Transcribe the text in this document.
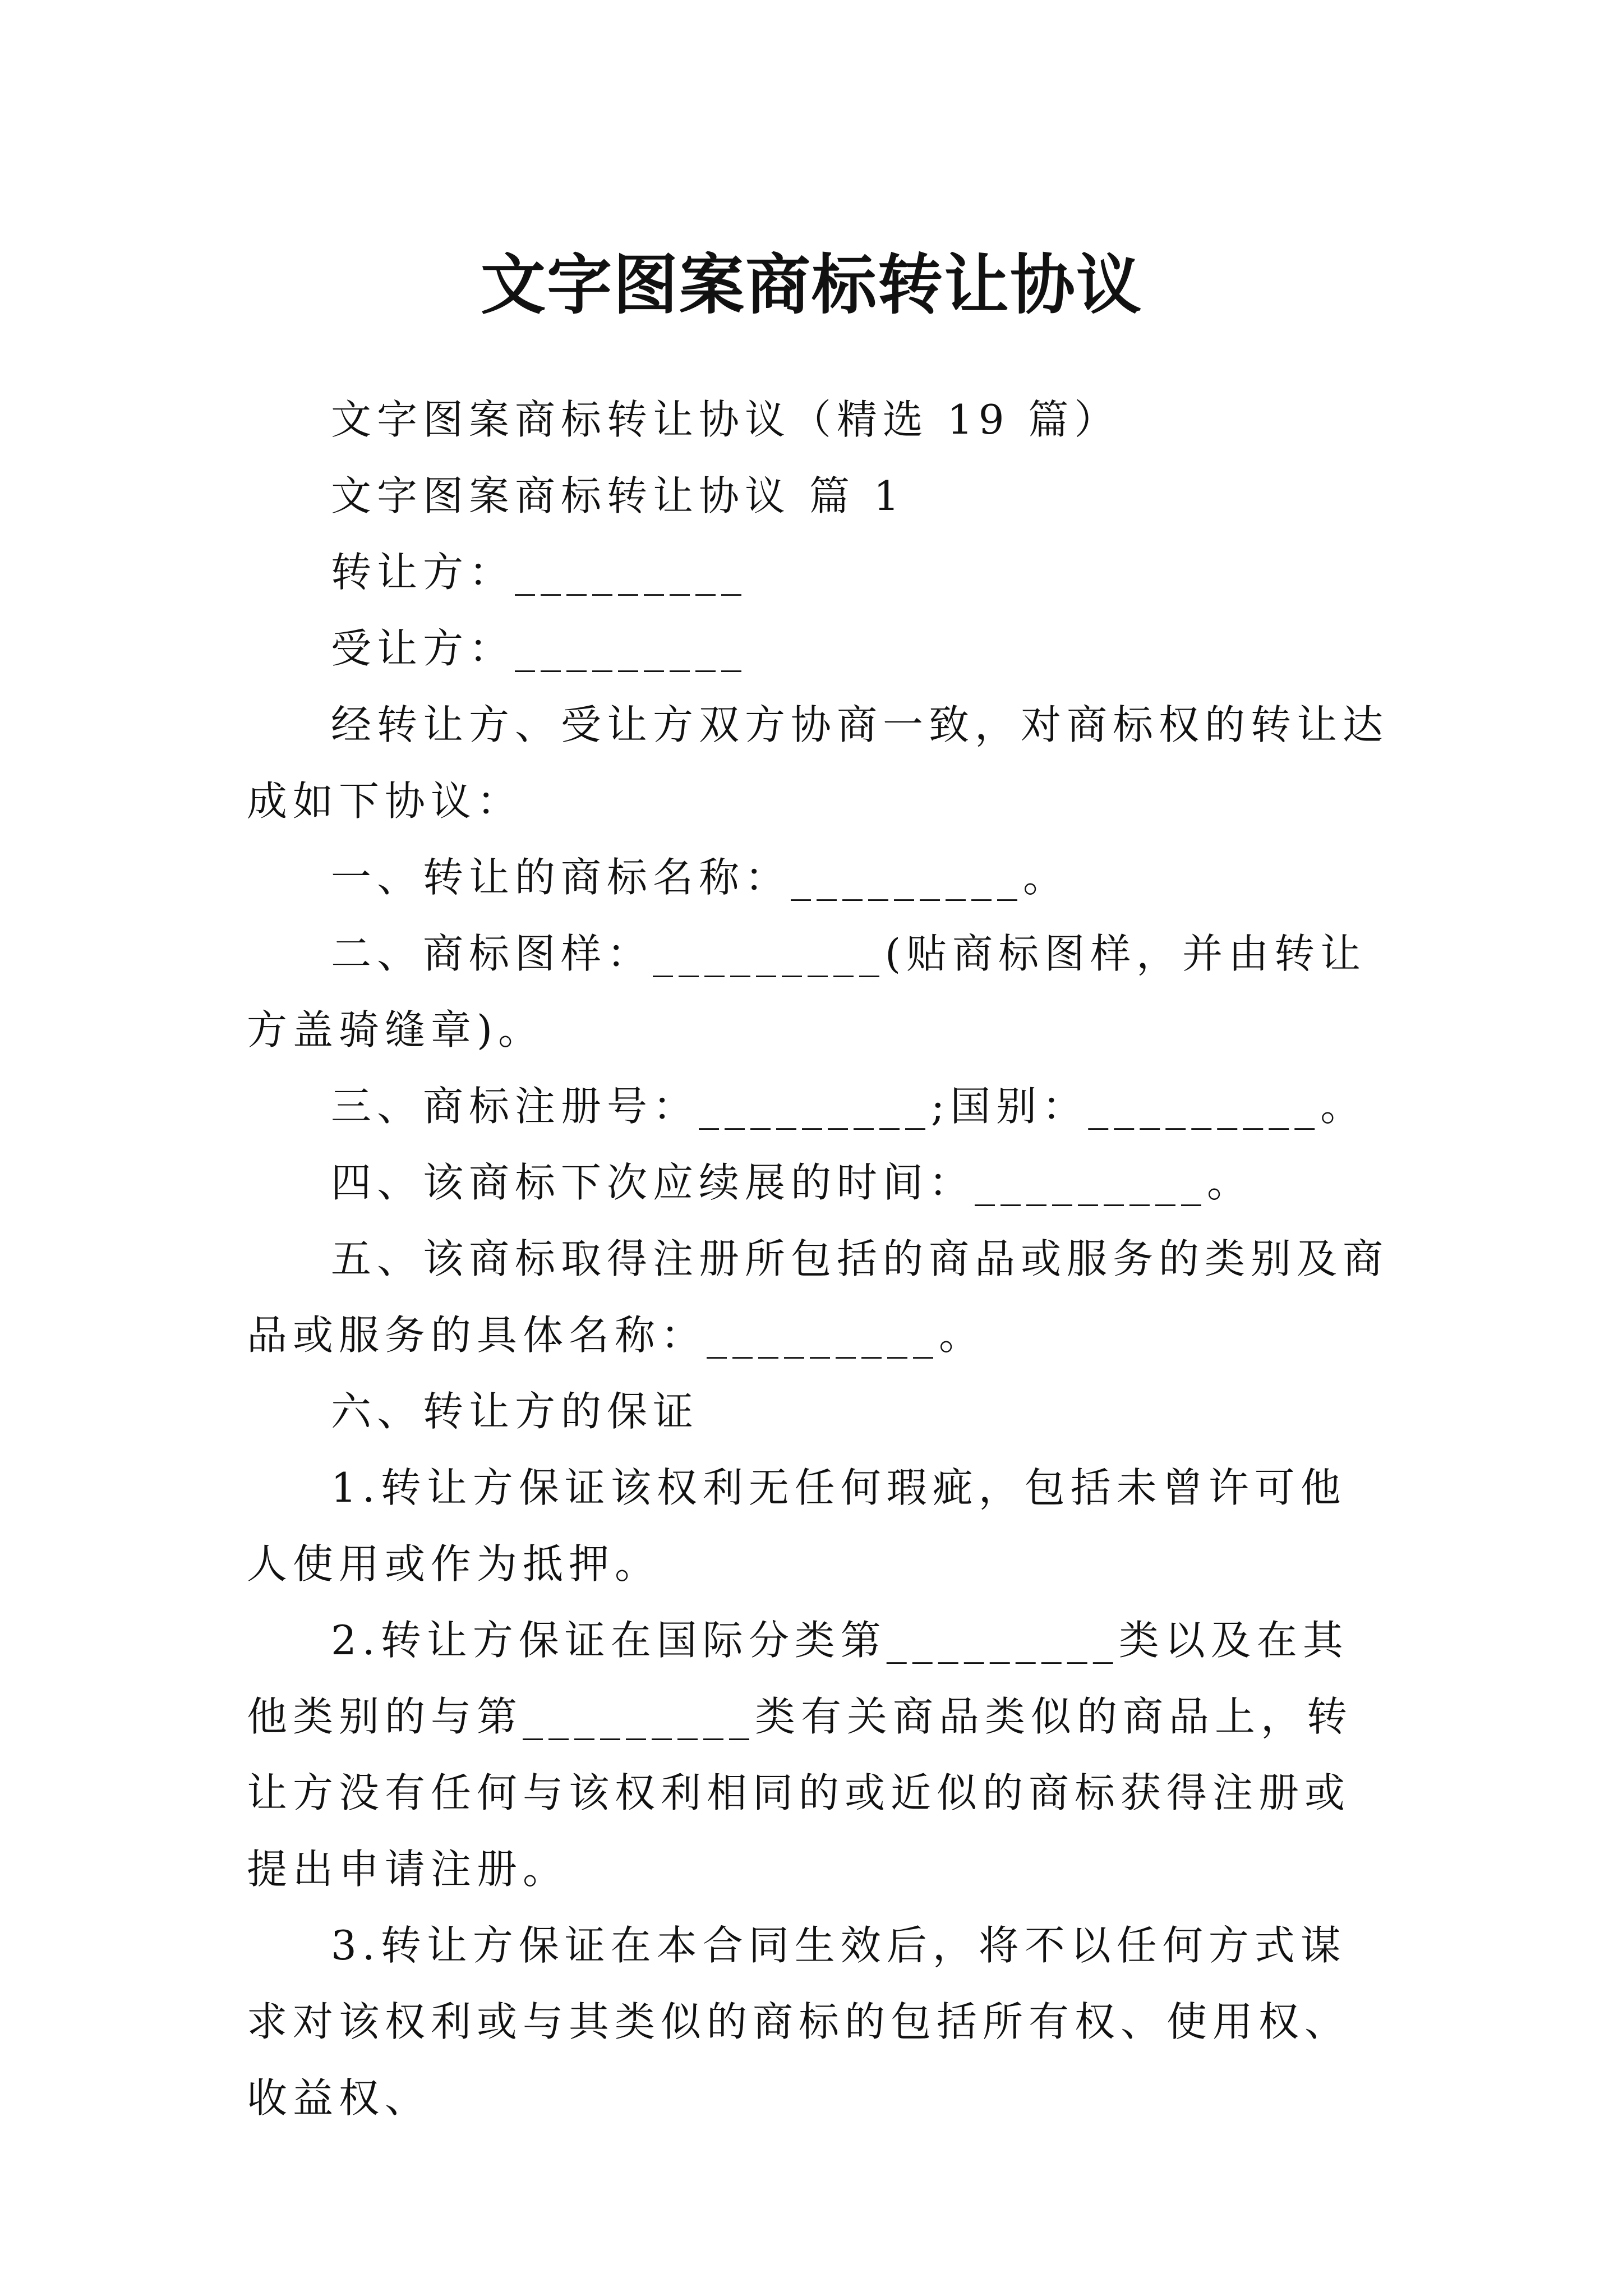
文字图案商标转让协议

文字图案商标转让协议（精选 19 篇）

文字图案商标转让协议 篇 1

转让方：_________

受让方：_________

经转让方、受让方双方协商一致，对商标权的转让达成如下协议：

一、转让的商标名称：_________。

二、商标图样：_________(贴商标图样，并由转让方盖骑缝章)。

三、商标注册号：_________;国别：_________。

四、该商标下次应续展的时间：_________。

五、该商标取得注册所包括的商品或服务的类别及商品或服务的具体名称：_________。

六、转让方的保证

1.转让方保证该权利无任何瑕疵，包括未曾许可他人使用或作为抵押。

2.转让方保证在国际分类第_________类以及在其他类别的与第_________类有关商品类似的商品上，转让方没有任何与该权利相同的或近似的商标获得注册或提出申请注册。

3.转让方保证在本合同生效后，将不以任何方式谋求对该权利或与其类似的商标的包括所有权、使用权、收益权、
